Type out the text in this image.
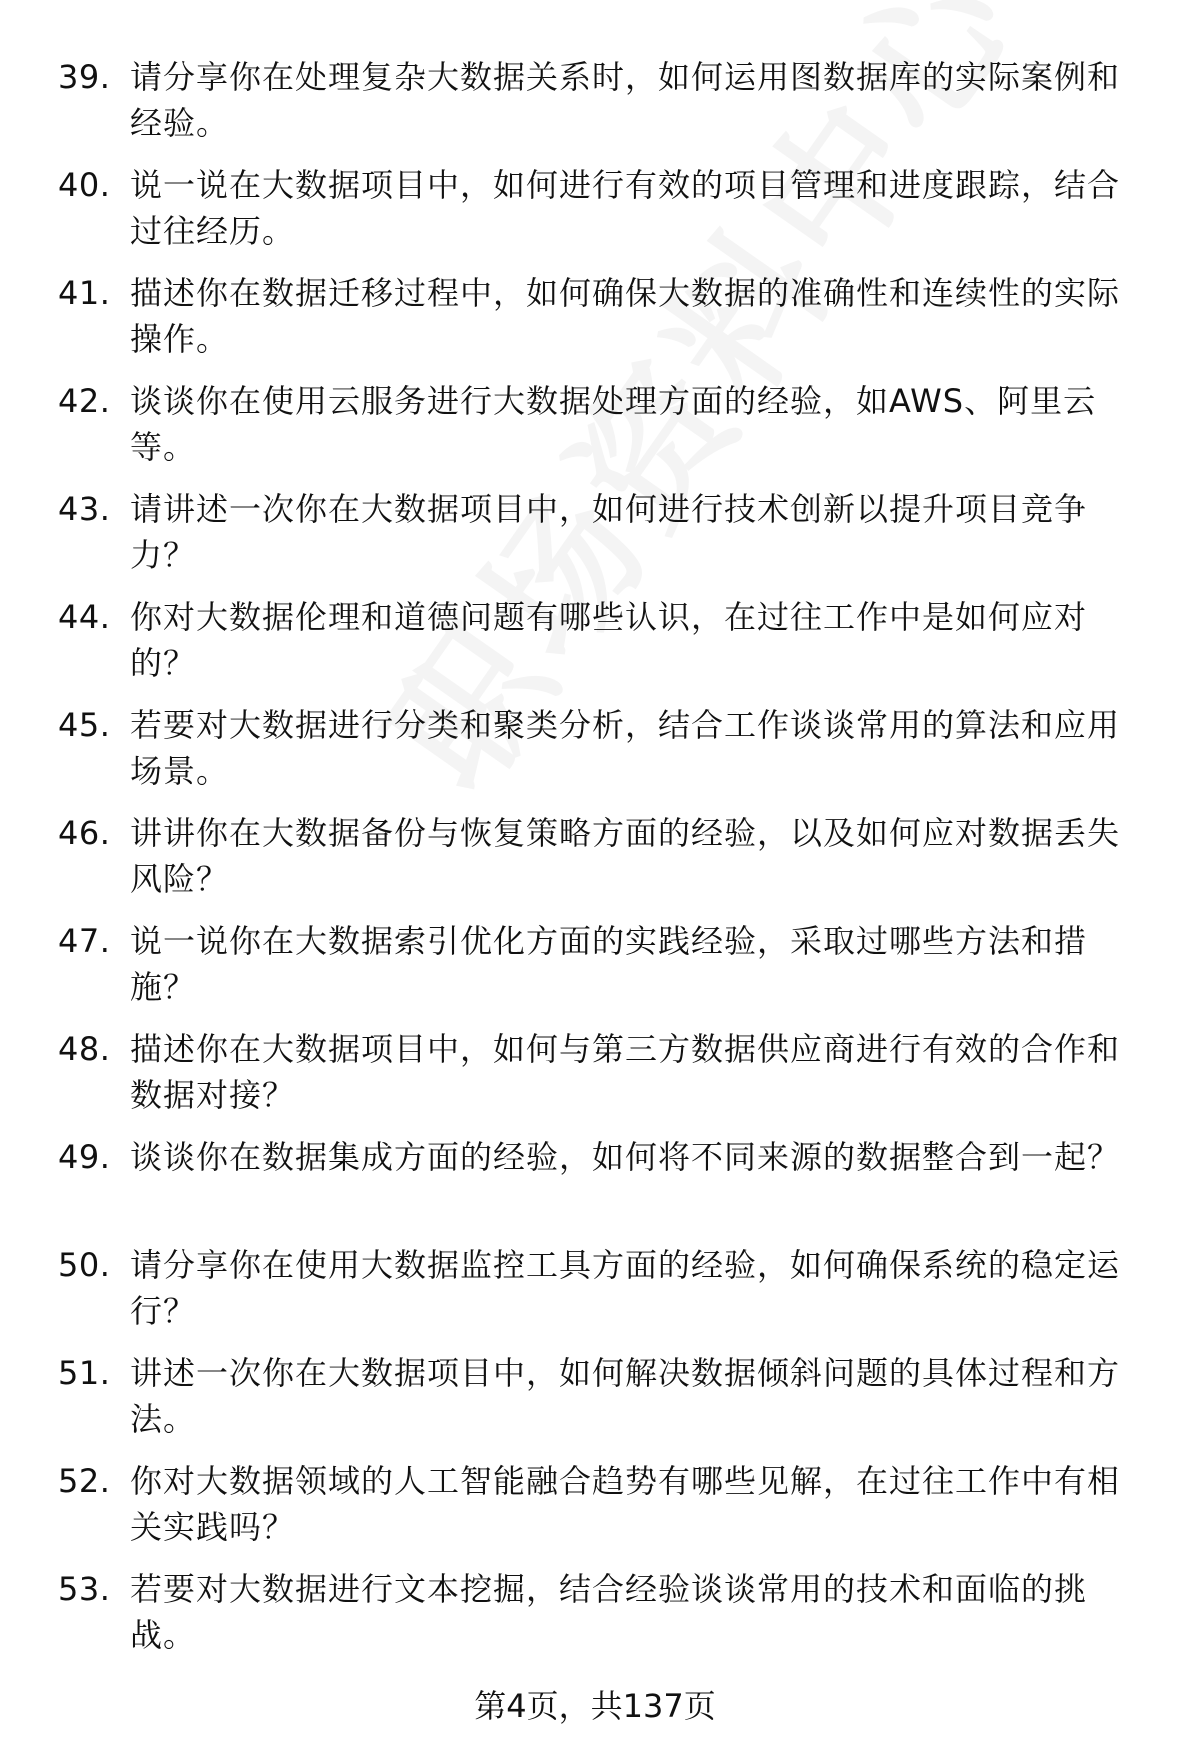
39. 请分享你在处理复杂大数据关系时，如何运用图数据库的实际案例和经验。
40. 说一说在大数据项目中，如何进行有效的项目管理和进度跟踪，结合过往经历。
41. 描述你在数据迁移过程中，如何确保大数据的准确性和连续性的实际操作。
42. 谈谈你在使用云服务进行大数据处理方面的经验，如AWS、阿里云等。
43. 请讲述一次你在大数据项目中，如何进行技术创新以提升项目竞争力？
44. 你对大数据伦理和道德问题有哪些认识，在过往工作中是如何应对的？
45. 若要对大数据进行分类和聚类分析，结合工作谈谈常用的算法和应用场景。
46. 讲讲你在大数据备份与恢复策略方面的经验，以及如何应对数据丢失风险？
47. 说一说你在大数据索引优化方面的实践经验，采取过哪些方法和措施？
48. 描述你在大数据项目中，如何与第三方数据供应商进行有效的合作和数据对接？
49. 谈谈你在数据集成方面的经验，如何将不同来源的数据整合到一起？
50. 请分享你在使用大数据监控工具方面的经验，如何确保系统的稳定运行？
51. 讲述一次你在大数据项目中，如何解决数据倾斜问题的具体过程和方法。
52. 你对大数据领域的人工智能融合趋势有哪些见解，在过往工作中有相关实践吗？
53. 若要对大数据进行文本挖掘，结合经验谈谈常用的技术和面临的挑战。
第4页，共137页
